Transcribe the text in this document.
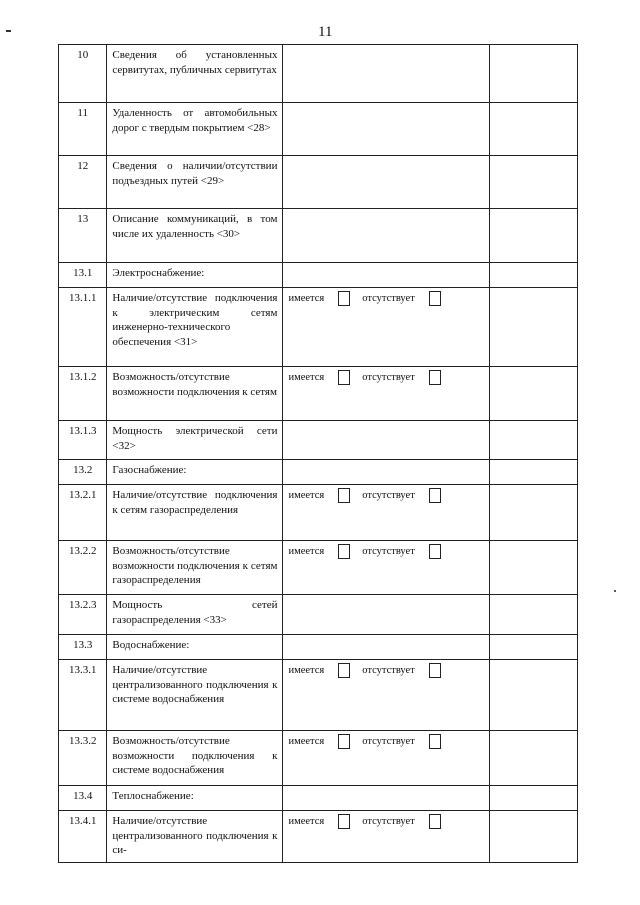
11
10	Сведения об установленных сервитутах, публичных сервитутах		
11	Удаленность от автомобильных дорог с твердым покрытием <28>		
12	Сведения о наличии/отсутствии подъездных путей <29>		
13	Описание коммуникаций, в том числе их удаленность <30>		
13.1	Электроснабжение:		
13.1.1	Наличие/отсутствие подключения к электрическим сетям инженерно-технического обеспечения <31>	имеется отсутствует	

13.1.2	Возможность/отсутствие возможности подключения к сетям	имеется отсутствует	

13.1.3	Мощность электрической сети <32>		
13.2	Газоснабжение:		
13.2.1	Наличие/отсутствие подключения к сетям газораспределения	имеется отсутствует	

13.2.2	Возможность/отсутствие возможности подключения к сетям газораспределения	имеется отсутствует	

13.2.3	Мощность сетей газораспределения <33>		
13.3	Водоснабжение:		
13.3.1	Наличие/отсутствие централизованного подключения к системе водоснабжения	имеется отсутствует	

13.3.2	Возможность/отсутствие возможности подключения к системе водоснабжения	имеется отсутствует	

13.4	Теплоснабжение:		
13.4.1	Наличие/отсутствие централизованного подключения к си-	имеется отсутствует	
